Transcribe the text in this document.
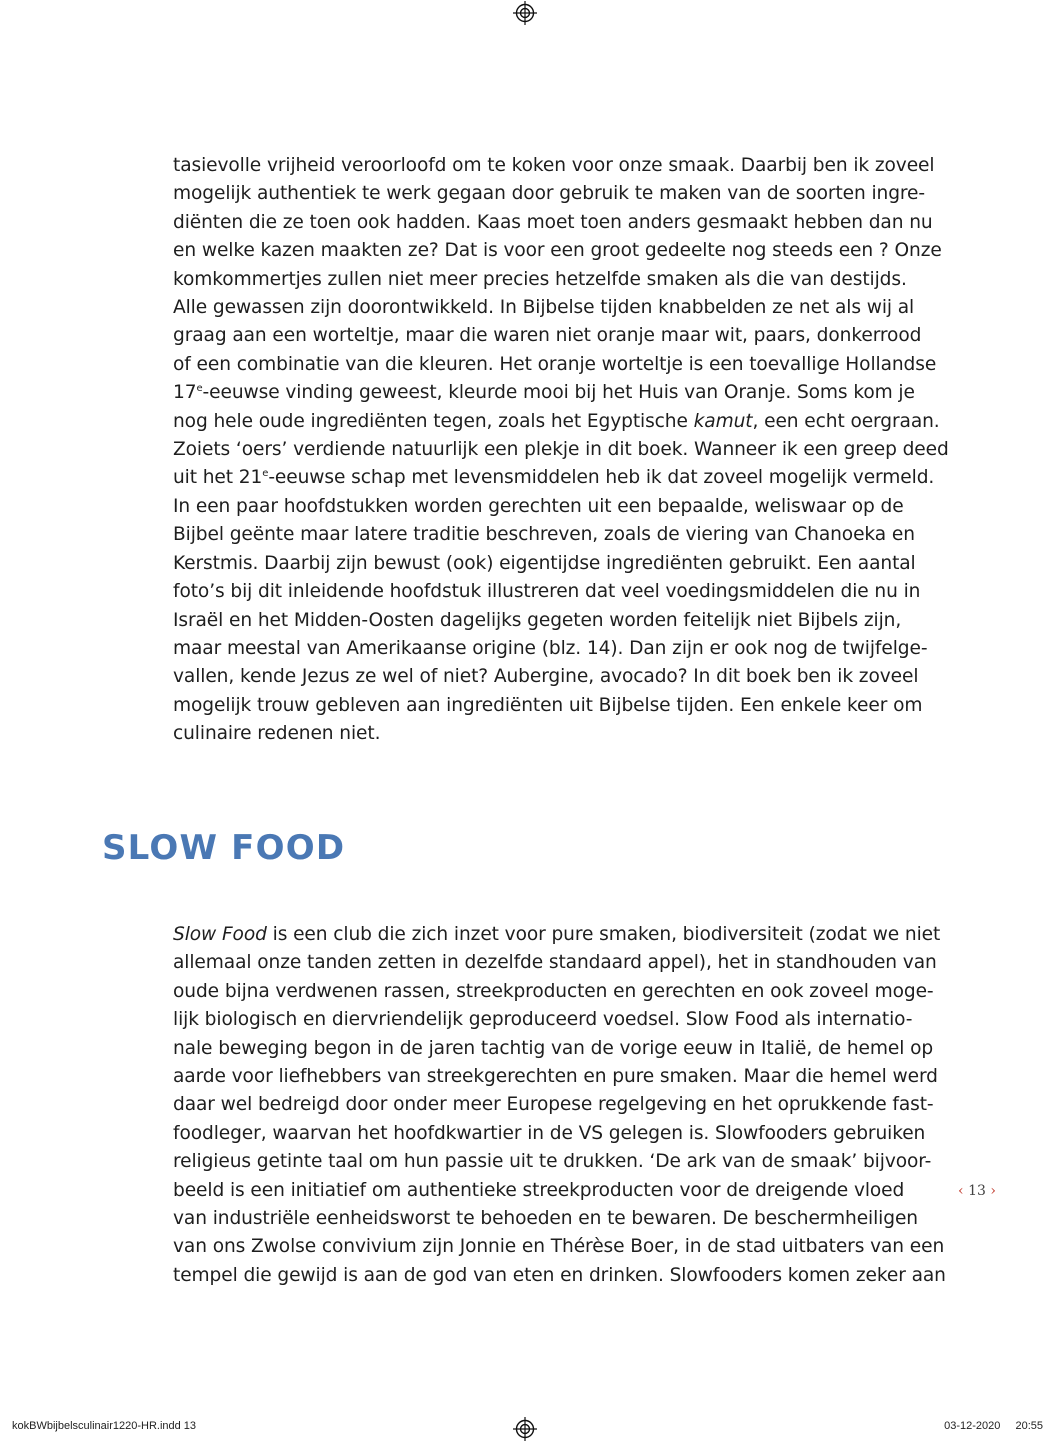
tasievolle vrijheid veroorloofd om te koken voor onze smaak. Daarbij ben ik zoveel
mogelijk authentiek te werk gegaan door gebruik te maken van de soorten ingre-
diënten die ze toen ook hadden. Kaas moet toen anders gesmaakt hebben dan nu
en welke kazen maakten ze? Dat is voor een groot gedeelte nog steeds een ? Onze
komkommertjes zullen niet meer precies hetzelfde smaken als die van destijds.
Alle gewassen zijn doorontwikkeld. In Bijbelse tijden knabbelden ze net als wij al
graag aan een worteltje, maar die waren niet oranje maar wit, paars, donkerrood
of een combinatie van die kleuren. Het oranje worteltje is een toevallige Hollandse
17e-eeuwse vinding geweest, kleurde mooi bij het Huis van Oranje. Soms kom je
nog hele oude ingrediënten tegen, zoals het Egyptische kamut, een echt oergraan.
Zoiets ‘oers’ verdiende natuurlijk een plekje in dit boek. Wanneer ik een greep deed
uit het 21e-eeuwse schap met levensmiddelen heb ik dat zoveel mogelijk vermeld.
In een paar hoofdstukken worden gerechten uit een bepaalde, weliswaar op de
Bijbel geënte maar latere traditie beschreven, zoals de viering van Chanoeka en
Kerstmis. Daarbij zijn bewust (ook) eigentijdse ingrediënten gebruikt. Een aantal
foto’s bij dit inleidende hoofdstuk illustreren dat veel voedingsmiddelen die nu in
Israël en het Midden-Oosten dagelijks gegeten worden feitelijk niet Bijbels zijn,
maar meestal van Amerikaanse origine (blz. 14). Dan zijn er ook nog de twijfelge-
vallen, kende Jezus ze wel of niet? Aubergine, avocado? In dit boek ben ik zoveel
mogelijk trouw gebleven aan ingrediënten uit Bijbelse tijden. Een enkele keer om
culinaire redenen niet.
SLOW FOOD
Slow Food is een club die zich inzet voor pure smaken, biodiversiteit (zodat we niet
allemaal onze tanden zetten in dezelfde standaard appel), het in standhouden van
oude bijna verdwenen rassen, streekproducten en gerechten en ook zoveel moge-
lijk biologisch en diervriendelijk geproduceerd voedsel. Slow Food als internatio-
nale beweging begon in de jaren tachtig van de vorige eeuw in Italië, de hemel op
aarde voor liefhebbers van streekgerechten en pure smaken. Maar die hemel werd
daar wel bedreigd door onder meer Europese regelgeving en het oprukkende fast-
foodleger, waarvan het hoofdkwartier in de VS gelegen is. Slowfooders gebruiken
religieus getinte taal om hun passie uit te drukken. ‘De ark van de smaak’ bijvoor-
beeld is een initiatief om authentieke streekproducten voor de dreigende vloed
van industriële eenheidsworst te behoeden en te bewaren. De beschermheiligen
van ons Zwolse convivium zijn Jonnie en Thérèse Boer, in de stad uitbaters van een
tempel die gewijd is aan de god van eten en drinken. Slowfooders komen zeker aan
‹ 13 ›
kokBWbijbelsculinair1220-HR.indd 13	03-12-2020 20:55
